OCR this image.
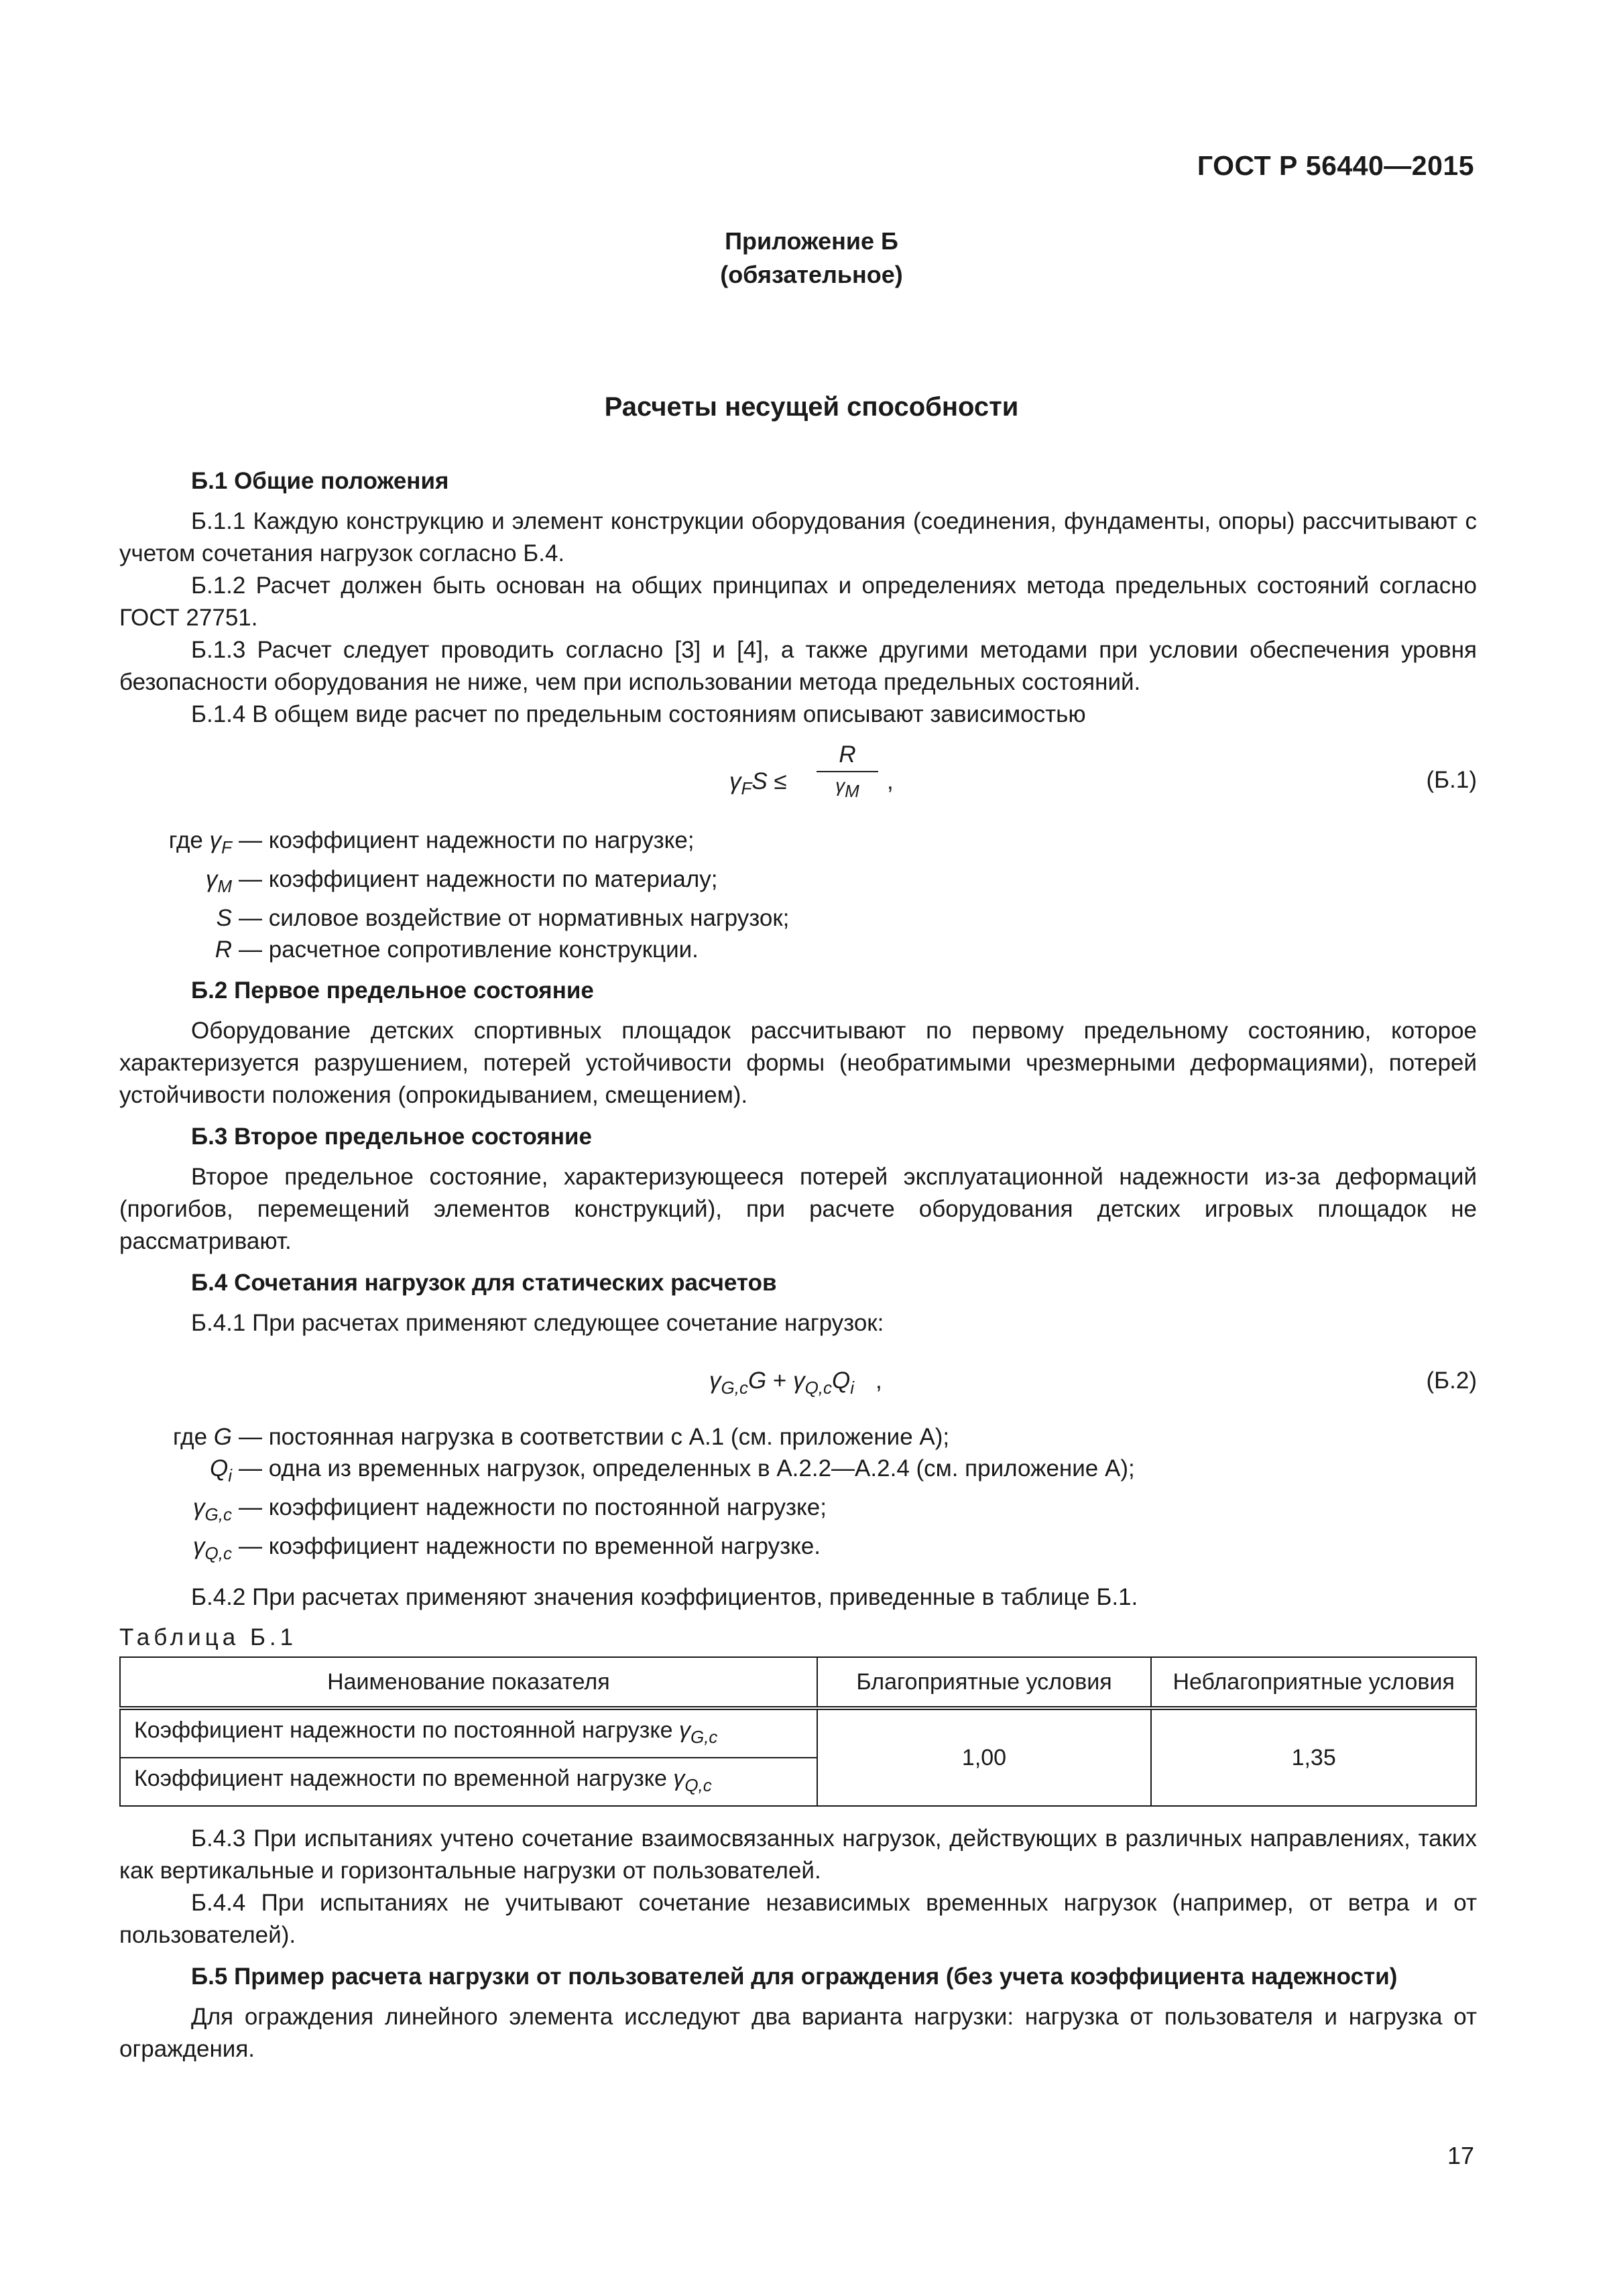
ГОСТ Р 56440—2015
Приложение Б
(обязательное)
Расчеты несущей способности
Б.1 Общие положения

Б.1.1 Каждую конструкцию и элемент конструкции оборудования (соединения, фундаменты, опоры) рассчитывают с учетом сочетания нагрузок согласно Б.4.

Б.1.2 Расчет должен быть основан на общих принципах и определениях метода предельных состояний согласно ГОСТ 27751.

Б.1.3 Расчет следует проводить согласно [3] и [4], а также другими методами при условии обеспечения уровня безопасности оборудования не ниже, чем при использовании метода предельных состояний.

Б.1.4 В общем виде расчет по предельным состояниям описывают зависимостью

$\gamma_FS$ ≤
R
$\gamma_M$	,	(Б.1)
где $\gamma_F$ — коэффициент надежности по нагрузке;
$\gamma_M$ — коэффициент надежности по материалу;
S — силовое воздействие от нормативных нагрузок;
R — расчетное сопротивление конструкции.
Б.2 Первое предельное состояние

Оборудование детских спортивных площадок рассчитывают по первому предельному состоянию, которое характеризуется разрушением, потерей устойчивости формы (необратимыми чрезмерными деформациями), потерей устойчивости положения (опрокидыванием, смещением).

Б.3 Второе предельное состояние

Второе предельное состояние, характеризующееся потерей эксплуатационной надежности из-за деформаций (прогибов, перемещений элементов конструкций), при расчете оборудования детских игровых площадок не рассматривают.

Б.4 Сочетания нагрузок для статических расчетов

Б.4.1 При расчетах применяют следующее сочетание нагрузок:

$\gamma_{G,c}G + \gamma_{Q,c}Q_i$ ,	(Б.2)
где G — постоянная нагрузка в соответствии с А.1 (см. приложение А);
$Q_i$ — одна из временных нагрузок, определенных в А.2.2—А.2.4 (см. приложение А);
$\gamma_{G,c}$ — коэффициент надежности по постоянной нагрузке;
$\gamma_{Q,c}$ — коэффициент надежности по временной нагрузке.

Б.4.2 При расчетах применяют значения коэффициентов, приведенные в таблице Б.1.

Таблица Б.1
Наименование показателя	Благоприятные условия	Неблагоприятные условия
Коэффициент надежности по постоянной нагрузке $\gamma_{G,c}$	1,00	1,35
Коэффициент надежности по временной нагрузке $\gamma_{Q,c}$

Б.4.3 При испытаниях учтено сочетание взаимосвязанных нагрузок, действующих в различных направлениях, таких как вертикальные и горизонтальные нагрузки от пользователей.

Б.4.4 При испытаниях не учитывают сочетание независимых временных нагрузок (например, от ветра и от пользователей).

Б.5 Пример расчета нагрузки от пользователей для ограждения (без учета коэффициента надежности)

Для ограждения линейного элемента исследуют два варианта нагрузки: нагрузка от пользователя и нагрузка от ограждения.

17
